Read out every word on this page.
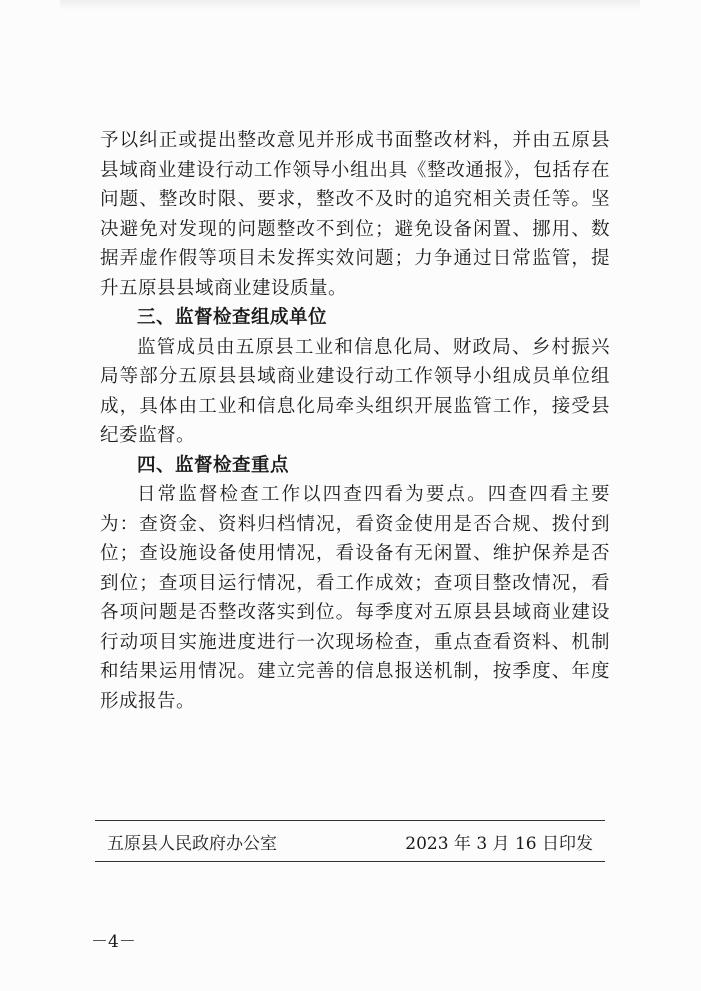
予以纠正或提出整改意见并形成书面整改材料，并由五原县县域商业建设行动工作领导小组出具《整改通报》，包括存在问题、整改时限、要求，整改不及时的追究相关责任等。坚决避免对发现的问题整改不到位；避免设备闲置、挪用、数据弄虚作假等项目未发挥实效问题；力争通过日常监管，提升五原县县域商业建设质量。

三、监督检查组成单位

监管成员由五原县工业和信息化局、财政局、乡村振兴局等部分五原县县域商业建设行动工作领导小组成员单位组成，具体由工业和信息化局牵头组织开展监管工作，接受县纪委监督。

四、监督检查重点

日常监督检查工作以四查四看为要点。四查四看主要为：查资金、资料归档情况，看资金使用是否合规、拨付到位；查设施设备使用情况，看设备有无闲置、维护保养是否到位；查项目运行情况，看工作成效；查项目整改情况，看各项问题是否整改落实到位。每季度对五原县县域商业建设行动项目实施进度进行一次现场检查，重点查看资料、机制和结果运用情况。建立完善的信息报送机制，按季度、年度形成报告。

五原县人民政府办公室	2023 年 3 月 16 日印发
－4－
